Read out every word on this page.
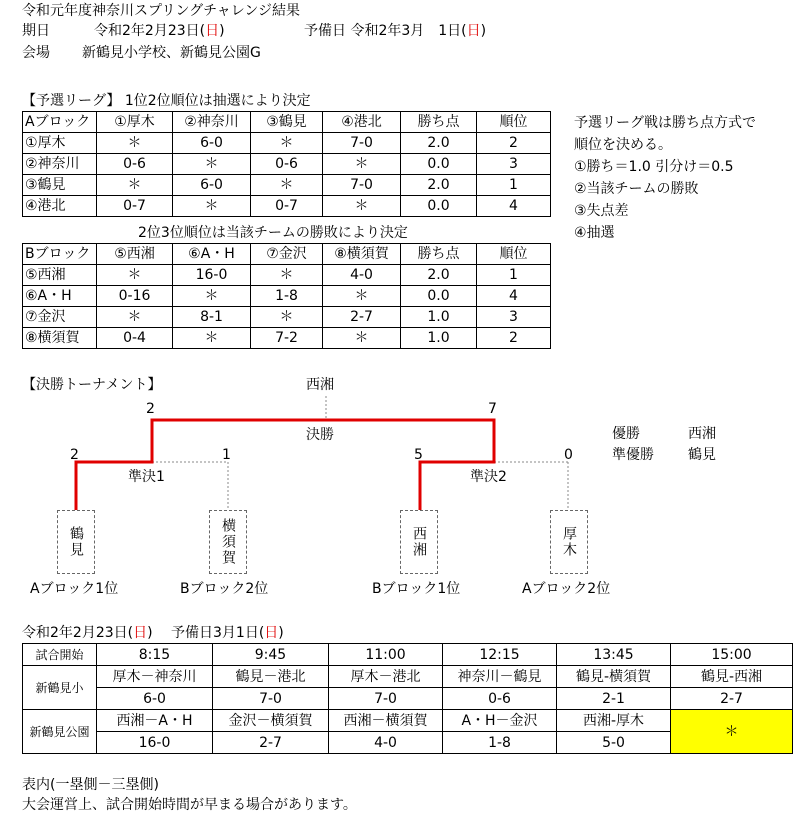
令和元年度神奈川スプリングチャレンジ結果
期日	令和2年2月23日(日)	予備日 令和2年3月　1日(日)
会場 新鶴見小学校、新鶴見公園G
【予選リーグ】 1位2位順位は抽選により決定
Aブロック	①厚木	②神奈川	③鶴見	④港北	勝ち点	順位
①厚木	＊	6-0	＊	7-0	2.0	2
②神奈川	0-6	＊	0-6	＊	0.0	3
③鶴見	＊	6-0	＊	7-0	2.0	1
④港北	0-7	＊	0-7	＊	0.0	4
2位3位順位は当該チームの勝敗により決定
Bブロック	⑤西湘	⑥A・H	⑦金沢	⑧横須賀	勝ち点	順位
⑤西湘	＊	16-0	＊	4-0	2.0	1
⑥A・H	0-16	＊	1-8	＊	0.0	4
⑦金沢	＊	8-1	＊	2-7	1.0	3
⑧横須賀	0-4	＊	7-2	＊	1.0	2
予選リーグ戦は勝ち点方式で
順位を決める。
①勝ち＝1.0 引分け＝0.5
②当該チームの勝敗
③失点差
④抽選
【決勝トーナメント】	西湘
2	7
決勝
2	1
準決1
5	0
準決2
鶴見	横須賀	西湘	厚木
Aブロック1位	Bブロック2位	Bブロック1位	Aブロック2位
優勝	西湘
準優勝 鶴見
令和2年2月23日(日)　 予備日3月1日(日)
試合開始	8:15	9:45	11:00	12:15	13:45	15:00
新鶴見小	厚木－神奈川	鶴見－港北	厚木－港北	神奈川－鶴見	鶴見-横須賀	鶴見-西湘
	6-0	7-0	7-0	0-6	2-1	2-7
新鶴見公園	西湘－A・H	金沢－横須賀	西湘－横須賀	A・H－金沢	西湘-厚木	＊
	16-0	2-7	4-0	1-8	5-0	
表内(一塁側－三塁側)
大会運営上、試合開始時間が早まる場合があります。
